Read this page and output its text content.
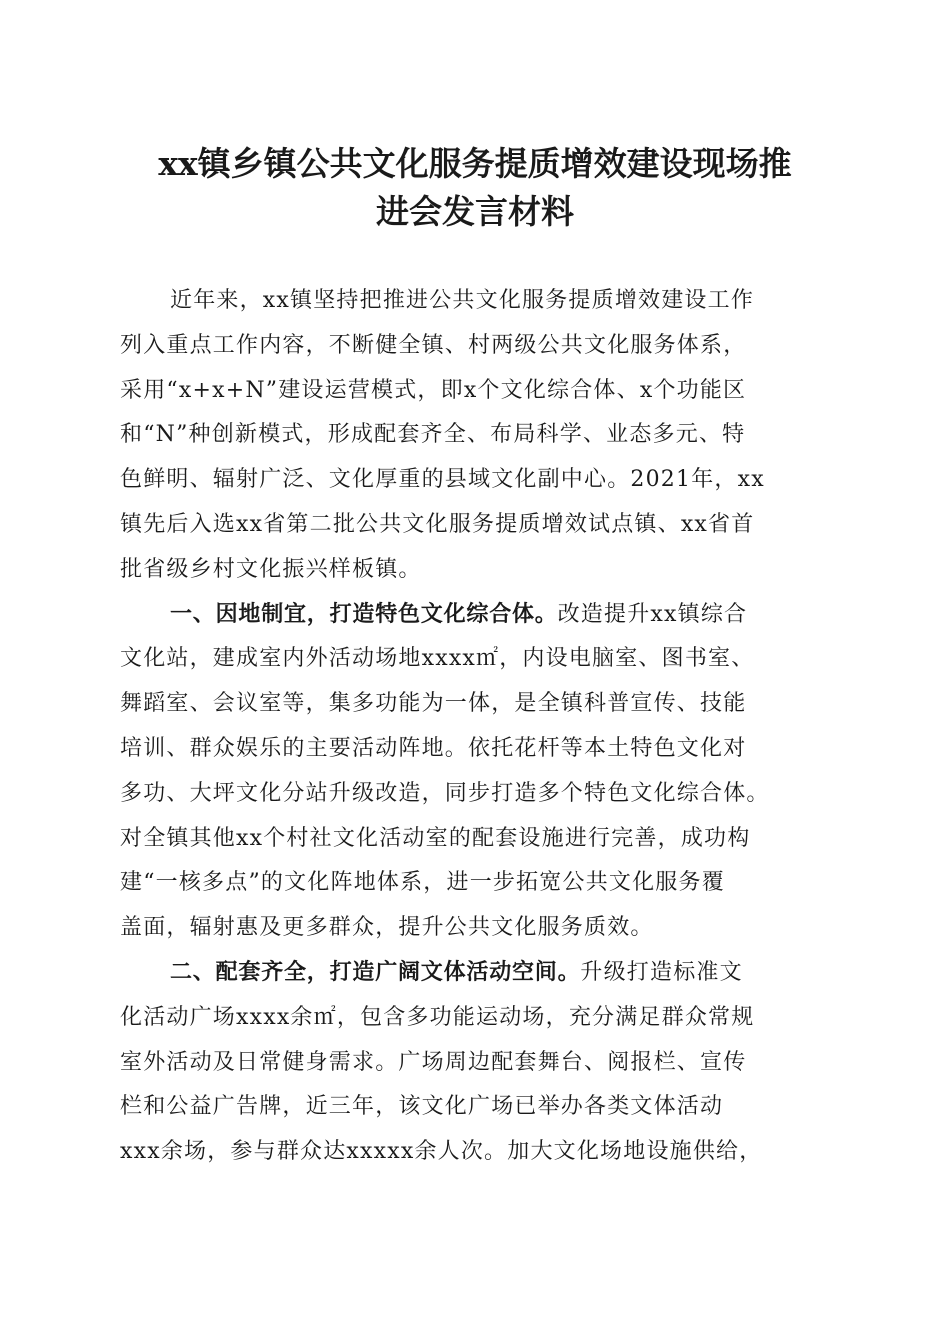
xx镇乡镇公共文化服务提质增效建设现场推
进会发言材料
近年来，xx镇坚持把推进公共文化服务提质增效建设工作
列入重点工作内容，不断健全镇、村两级公共文化服务体系，
采用“x+x+N”建设运营模式，即x个文化综合体、x个功能区
和“N”种创新模式，形成配套齐全、布局科学、业态多元、特
色鲜明、辐射广泛、文化厚重的县域文化副中心。2021年，xx
镇先后入选xx省第二批公共文化服务提质增效试点镇、xx省首
批省级乡村文化振兴样板镇。
一、因地制宜，打造特色文化综合体。改造提升xx镇综合
文化站，建成室内外活动场地xxxx㎡，内设电脑室、图书室、
舞蹈室、会议室等，集多功能为一体，是全镇科普宣传、技能
培训、群众娱乐的主要活动阵地。依托花杆等本土特色文化对
多功、大坪文化分站升级改造，同步打造多个特色文化综合体。
对全镇其他xx个村社文化活动室的配套设施进行完善，成功构
建“一核多点”的文化阵地体系，进一步拓宽公共文化服务覆
盖面，辐射惠及更多群众，提升公共文化服务质效。
二、配套齐全，打造广阔文体活动空间。升级打造标准文
化活动广场xxxx余㎡，包含多功能运动场，充分满足群众常规
室外活动及日常健身需求。广场周边配套舞台、阅报栏、宣传
栏和公益广告牌，近三年，该文化广场已举办各类文体活动
xxx余场，参与群众达xxxxx余人次。加大文化场地设施供给，
